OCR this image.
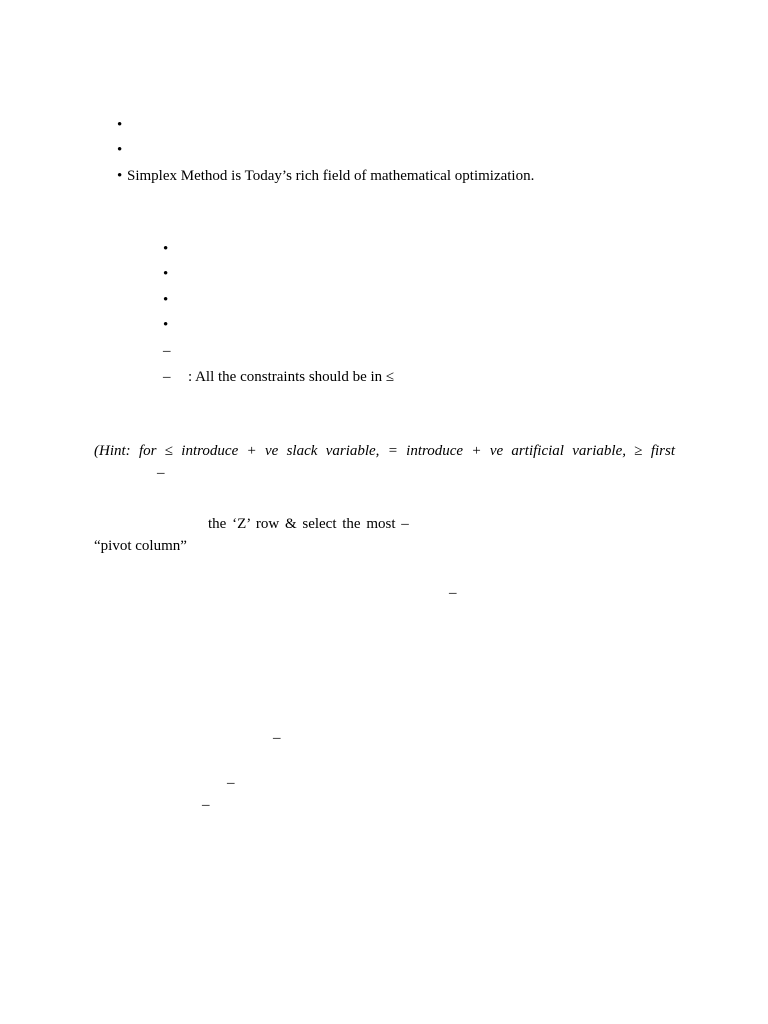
•
•
• Simplex Method is Today’s rich field of mathematical optimization.
•
•
•
•
–
– : All the constraints should be in ≤
(Hint: for ≤ introduce + ve slack variable, = introduce + ve artificial variable, ≥ first
–
the ‘Z’ row & select the most –
“pivot column”
–
–
–
–
